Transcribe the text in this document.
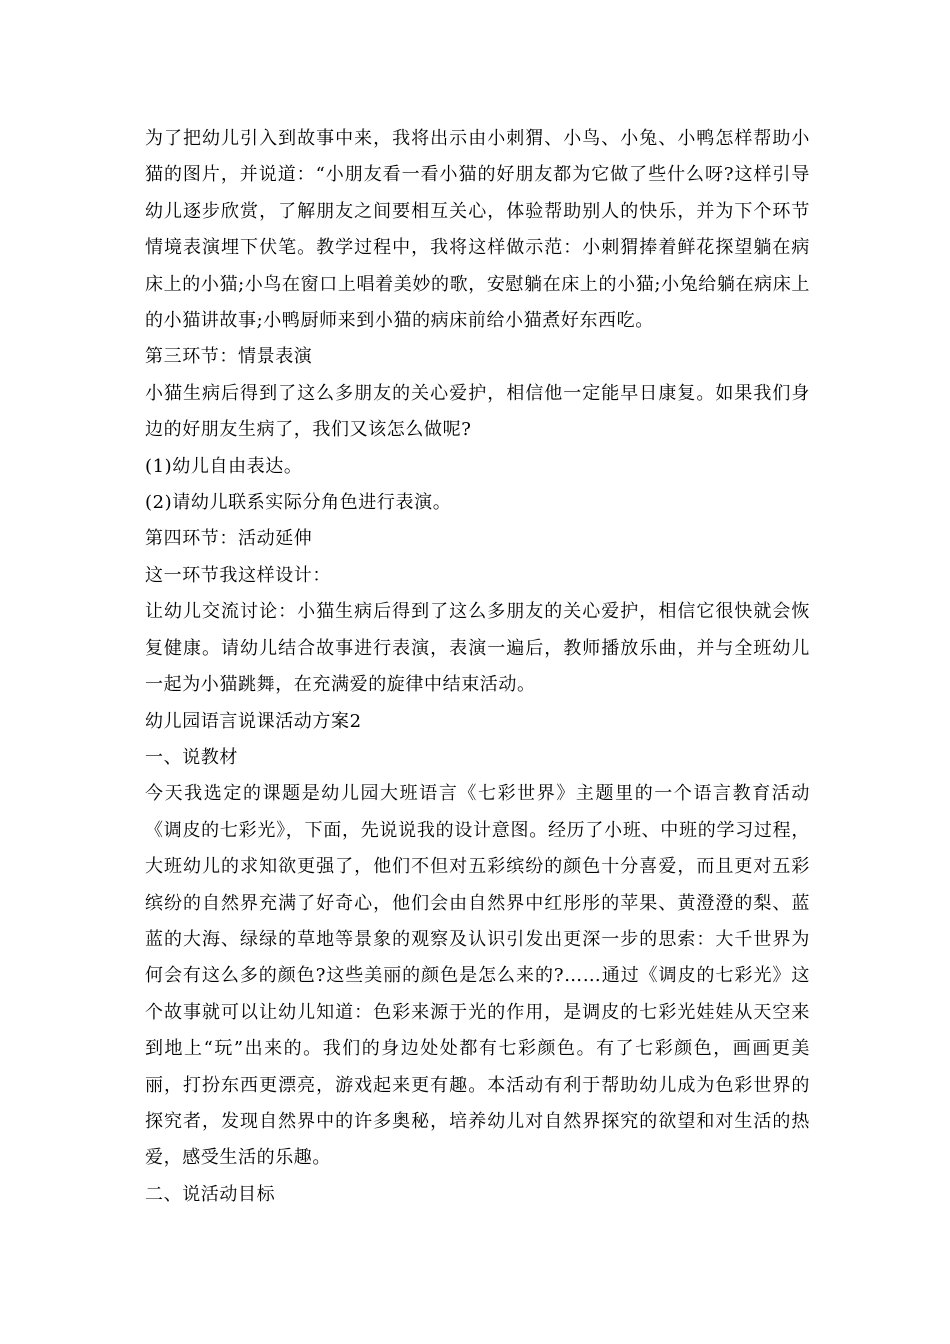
为了把幼儿引入到故事中来，我将出示由小刺猬、小鸟、小兔、小鸭怎样帮助小猫的图片，并说道：“小朋友看一看小猫的好朋友都为它做了些什么呀?这样引导幼儿逐步欣赏，了解朋友之间要相互关心，体验帮助别人的快乐，并为下个环节情境表演埋下伏笔。教学过程中，我将这样做示范：小刺猬捧着鲜花探望躺在病床上的小猫;小鸟在窗口上唱着美妙的歌，安慰躺在床上的小猫;小兔给躺在病床上的小猫讲故事;小鸭厨师来到小猫的病床前给小猫煮好东西吃。

第三环节：情景表演

小猫生病后得到了这么多朋友的关心爱护，相信他一定能早日康复。如果我们身边的好朋友生病了，我们又该怎么做呢?

(1)幼儿自由表达。

(2)请幼儿联系实际分角色进行表演。

第四环节：活动延伸

这一环节我这样设计：

让幼儿交流讨论：小猫生病后得到了这么多朋友的关心爱护，相信它很快就会恢复健康。请幼儿结合故事进行表演，表演一遍后，教师播放乐曲，并与全班幼儿一起为小猫跳舞，在充满爱的旋律中结束活动。

幼儿园语言说课活动方案2

一、说教材

今天我选定的课题是幼儿园大班语言《七彩世界》主题里的一个语言教育活动《调皮的七彩光》，下面，先说说我的设计意图。经历了小班、中班的学习过程，大班幼儿的求知欲更强了，他们不但对五彩缤纷的颜色十分喜爱，而且更对五彩缤纷的自然界充满了好奇心，他们会由自然界中红彤彤的苹果、黄澄澄的梨、蓝蓝的大海、绿绿的草地等景象的观察及认识引发出更深一步的思索：大千世界为何会有这么多的颜色?这些美丽的颜色是怎么来的?……通过《调皮的七彩光》这个故事就可以让幼儿知道：色彩来源于光的作用，是调皮的七彩光娃娃从天空来到地上“玩”出来的。我们的身边处处都有七彩颜色。有了七彩颜色，画画更美丽，打扮东西更漂亮，游戏起来更有趣。本活动有利于帮助幼儿成为色彩世界的探究者，发现自然界中的许多奥秘，培养幼儿对自然界探究的欲望和对生活的热爱，感受生活的乐趣。

二、说活动目标
